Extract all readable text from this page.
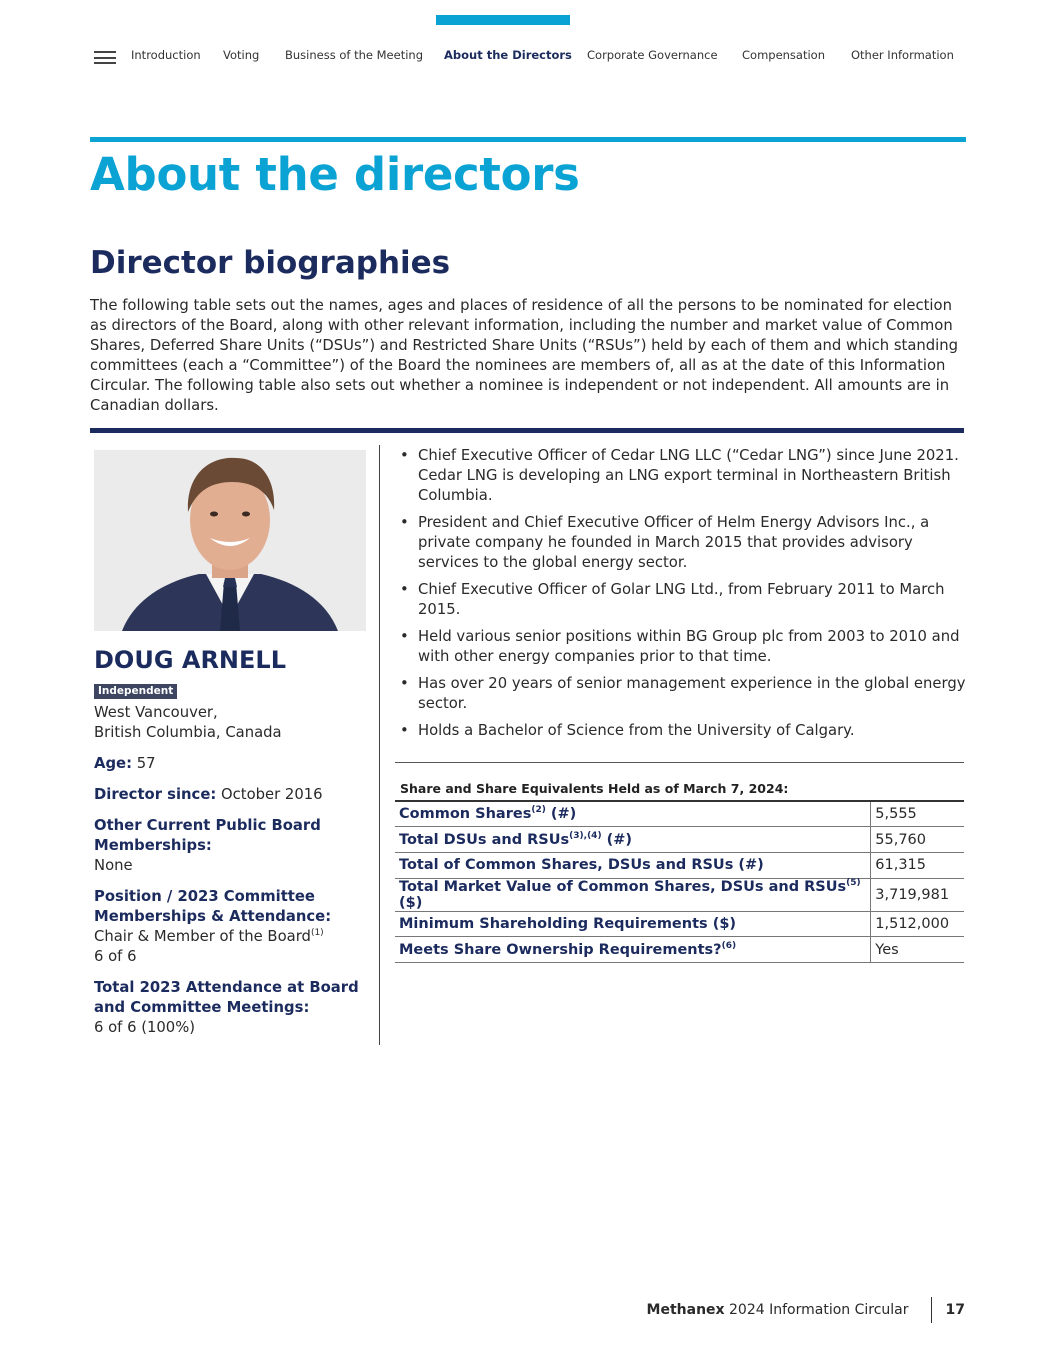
Introduction Voting Business of the Meeting About the Directors Corporate Governance Compensation Other Information
About the directors
Director biographies

The following table sets out the names, ages and places of residence of all the persons to be nominated for election as directors of the Board, along with other relevant information, including the number and market value of Common Shares, Deferred Share Units (“DSUs”) and Restricted Share Units (“RSUs”) held by each of them and which standing committees (each a “Committee”) of the Board the nominees are members of, all as at the date of this Information Circular. The following table also sets out whether a nominee is independent or not independent. All amounts are in Canadian dollars.

DOUG ARNELL
Independent

West Vancouver,
British Columbia, Canada

Age: 57

Director since: October 2016

Other Current Public Board Memberships:
None

Position / 2023 Committee Memberships & Attendance:
Chair & Member of the Board$^{(1)}$
6 of 6

Total 2023 Attendance at Board and Committee Meetings:
6 of 6 (100%)

• Chief Executive Officer of Cedar LNG LLC (“Cedar LNG”) since June 2021. Cedar LNG is developing an LNG export terminal in Northeastern British Columbia.
• President and Chief Executive Officer of Helm Energy Advisors Inc., a private company he founded in March 2015 that provides advisory services to the global energy sector.
• Chief Executive Officer of Golar LNG Ltd., from February 2011 to March 2015.
• Held various senior positions within BG Group plc from 2003 to 2010 and with other energy companies prior to that time.
• Has over 20 years of senior management experience in the global energy sector.
• Holds a Bachelor of Science from the University of Calgary.
Share and Share Equivalents Held as of March 7, 2024:
Common Shares$^{(2)}$ (#)	5,555
Total DSUs and RSUs$^{(3),(4)}$ (#)	55,760
Total of Common Shares, DSUs and RSUs (#)	61,315
Total Market Value of Common Shares, DSUs and RSUs$^{(5)}$ ($)	3,719,981
Minimum Shareholding Requirements ($)	1,512,000
Meets Share Ownership Requirements?$^{(6)}$	Yes
Methanex 2024 Information Circular	17
